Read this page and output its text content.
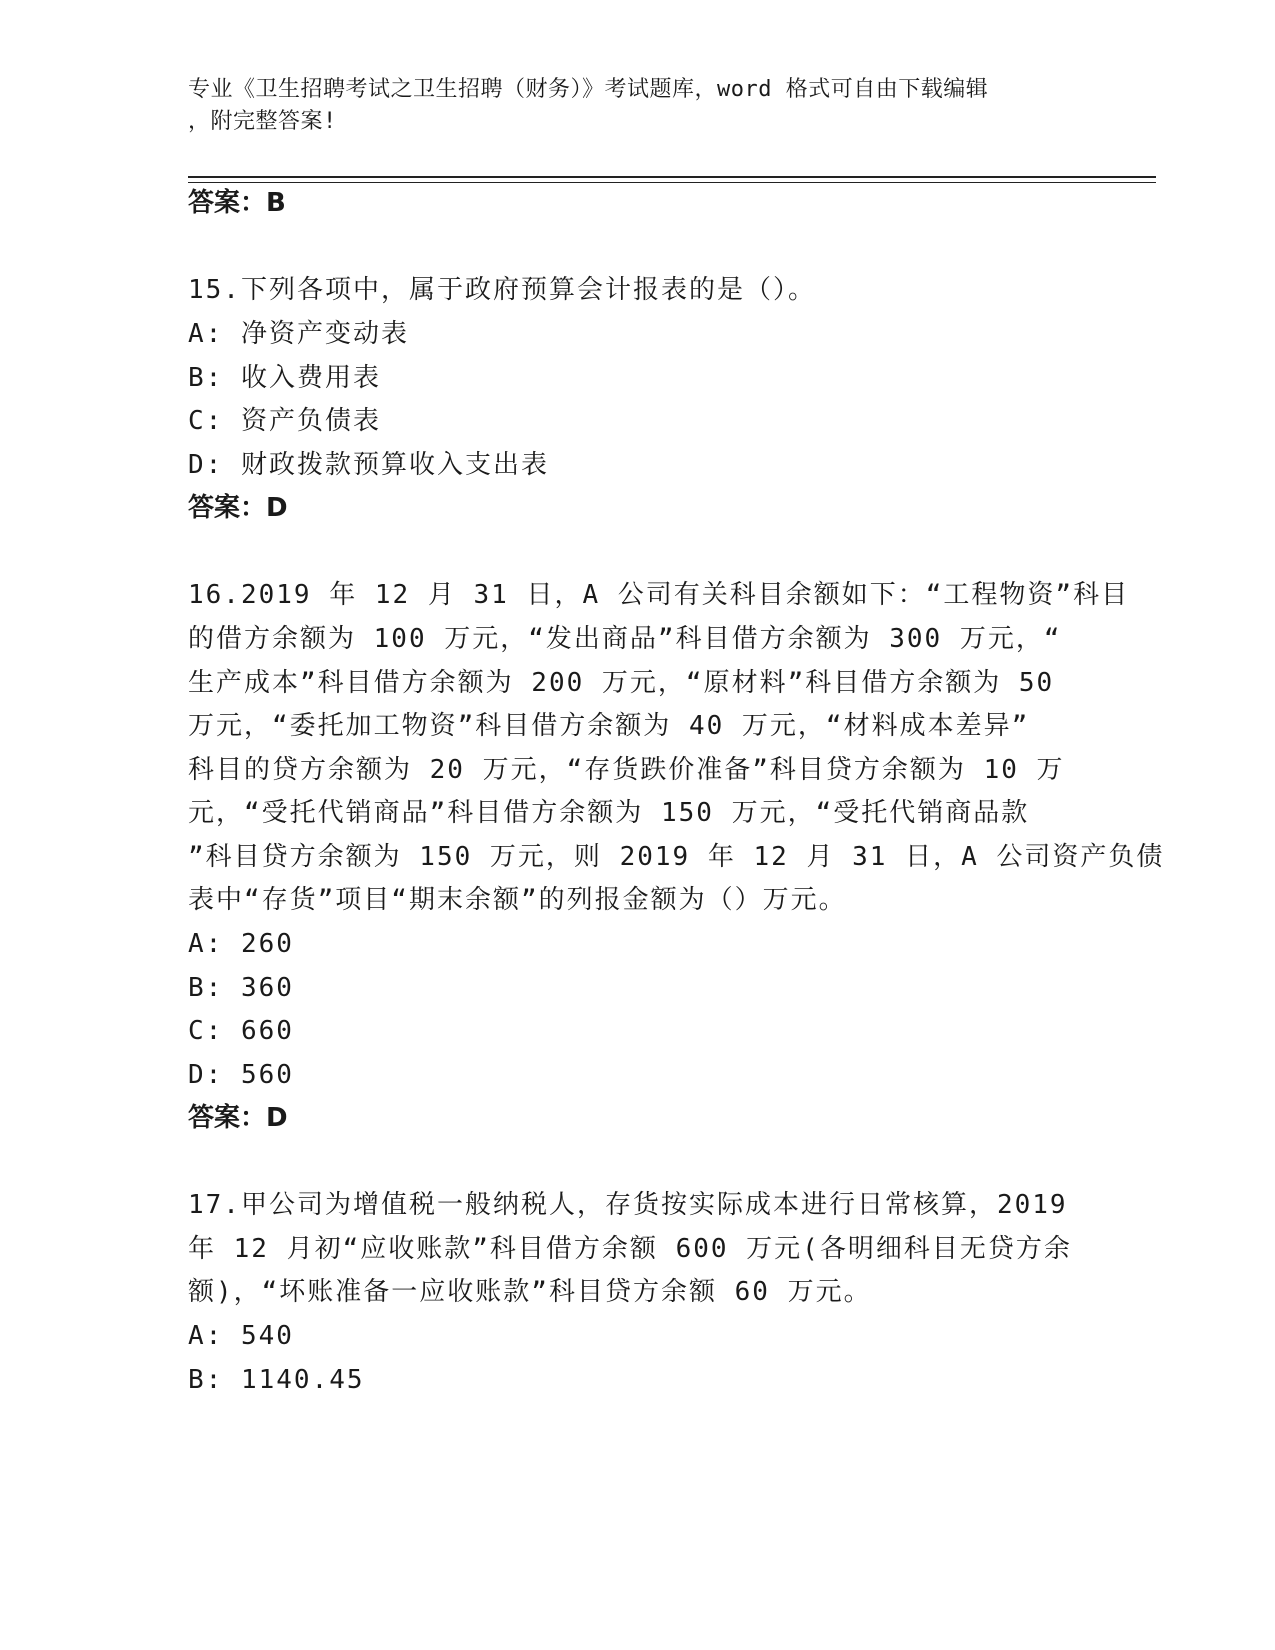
专业《卫生招聘考试之卫生招聘（财务）》考试题库，word 格式可自由下载编辑
，附完整答案!
答案：B
15.下列各项中，属于政府预算会计报表的是（）。
A: 净资产变动表
B: 收入费用表
C: 资产负债表
D: 财政拨款预算收入支出表
答案：D
16.2019 年 12 月 31 日，A 公司有关科目余额如下：“工程物资”科目
的借方余额为 100 万元，“发出商品”科目借方余额为 300 万元，“
生产成本”科目借方余额为 200 万元，“原材料”科目借方余额为 50
万元，“委托加工物资”科目借方余额为 40 万元，“材料成本差异”
科目的贷方余额为 20 万元，“存货跌价准备”科目贷方余额为 10 万
元，“受托代销商品”科目借方余额为 150 万元，“受托代销商品款
”科目贷方余额为 150 万元，则 2019 年 12 月 31 日，A 公司资产负债
表中“存货”项目“期末余额”的列报金额为（）万元。
A: 260
B: 360
C: 660
D: 560
答案：D
17.甲公司为增值税一般纳税人，存货按实际成本进行日常核算，2019
年 12 月初“应收账款”科目借方余额 600 万元(各明细科目无贷方余
额)，“坏账准备一应收账款”科目贷方余额 60 万元。
A: 540
B: 1140.45
